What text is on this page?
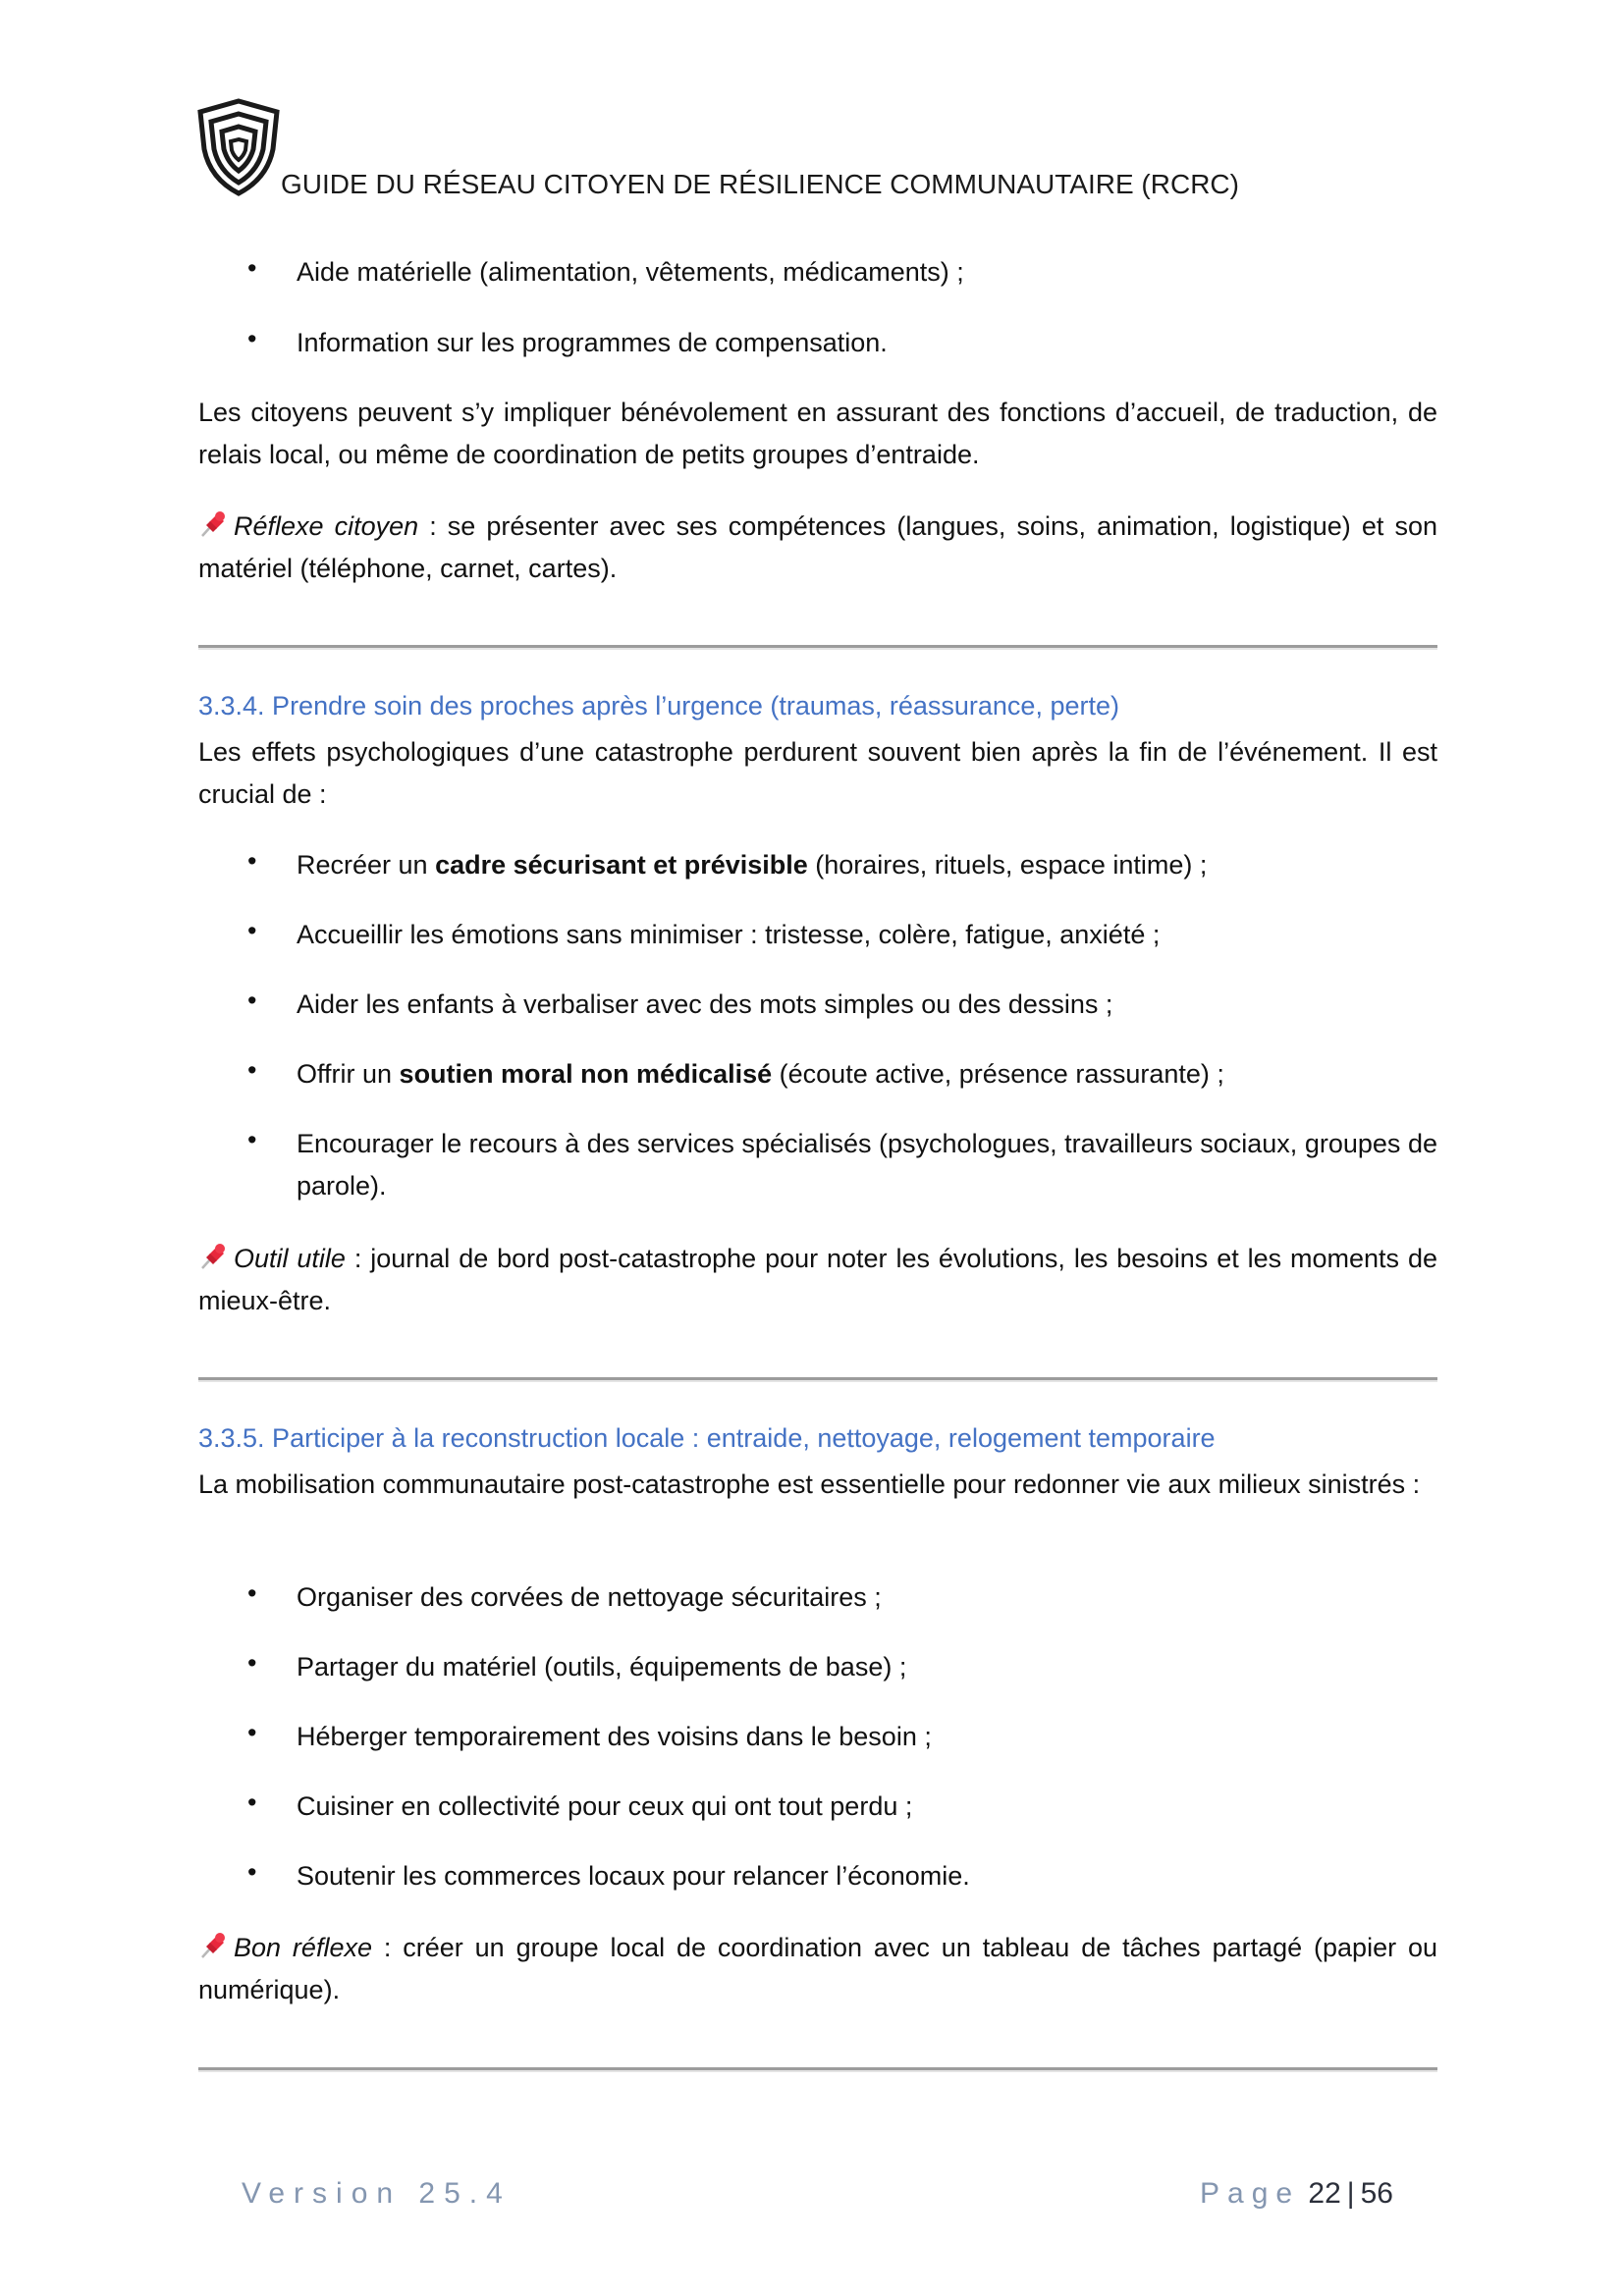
GUIDE DU RÉSEAU CITOYEN DE RÉSILIENCE COMMUNAUTAIRE (RCRC)
• Aide matérielle (alimentation, vêtements, médicaments) ;
• Information sur les programmes de compensation.
Les citoyens peuvent s’y impliquer bénévolement en assurant des fonctions d’accueil, de traduction, de relais local, ou même de coordination de petits groupes d’entraide.
Réflexe citoyen : se présenter avec ses compétences (langues, soins, animation, logistique) et son matériel (téléphone, carnet, cartes).
3.3.4. Prendre soin des proches après l’urgence (traumas, réassurance, perte)
Les effets psychologiques d’une catastrophe perdurent souvent bien après la fin de l’événement. Il est crucial de :
• Recréer un cadre sécurisant et prévisible (horaires, rituels, espace intime) ;
• Accueillir les émotions sans minimiser : tristesse, colère, fatigue, anxiété ;
• Aider les enfants à verbaliser avec des mots simples ou des dessins ;
• Offrir un soutien moral non médicalisé (écoute active, présence rassurante) ;
• Encourager le recours à des services spécialisés (psychologues, travailleurs sociaux, groupes de parole).
Outil utile : journal de bord post-catastrophe pour noter les évolutions, les besoins et les moments de mieux-être.
3.3.5. Participer à la reconstruction locale : entraide, nettoyage, relogement temporaire
La mobilisation communautaire post-catastrophe est essentielle pour redonner vie aux milieux sinistrés :
• Organiser des corvées de nettoyage sécuritaires ;
• Partager du matériel (outils, équipements de base) ;
• Héberger temporairement des voisins dans le besoin ;
• Cuisiner en collectivité pour ceux qui ont tout perdu ;
• Soutenir les commerces locaux pour relancer l’économie.
Bon réflexe : créer un groupe local de coordination avec un tableau de tâches partagé (papier ou numérique).
Version 25.4	Page 22 | 56
